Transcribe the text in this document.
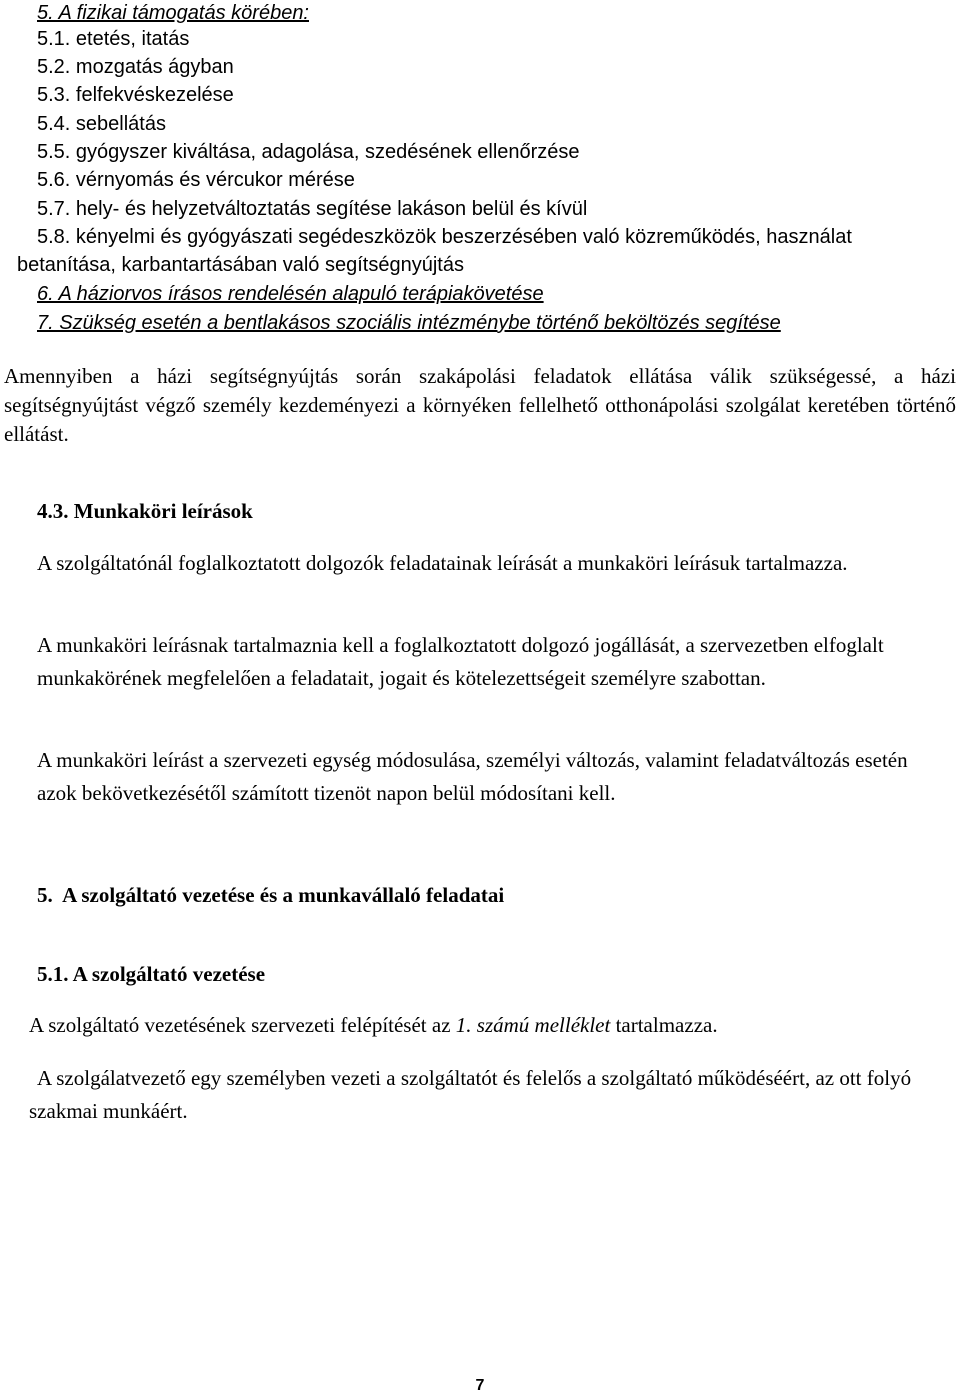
5. A fizikai támogatás körében:
5.1. etetés, itatás
5.2. mozgatás ágyban
5.3. felfekvéskezelése
5.4. sebellátás
5.5. gyógyszer kiváltása, adagolása, szedésének ellenőrzése
5.6. vérnyomás és vércukor mérése
5.7. hely- és helyzetváltoztatás segítése lakáson belül és kívül
5.8. kényelmi és gyógyászati segédeszközök beszerzésében való közreműködés, használat
betanítása, karbantartásában való segítségnyújtás
6. A háziorvos írásos rendelésén alapuló terápiakövetése
7. Szükség esetén a bentlakásos szociális intézménybe történő beköltözés segítése
Amennyiben a házi segítségnyújtás során szakápolási feladatok ellátása válik szükségessé, a házi segítségnyújtást végző személy kezdeményezi a környéken fellelhető otthonápolási szolgálat keretében történő ellátást.
4.3. Munkaköri leírások
A szolgáltatónál foglalkoztatott dolgozók feladatainak leírását a munkaköri leírásuk tartalmazza.
A munkaköri leírásnak tartalmaznia kell a foglalkoztatott dolgozó jogállását, a szervezetben elfoglalt munkakörének megfelelően a feladatait, jogait és kötelezettségeit személyre szabottan.
A munkaköri leírást a szervezeti egység módosulása, személyi változás, valamint feladatváltozás esetén azok bekövetkezésétől számított tizenöt napon belül módosítani kell.
5.  A szolgáltató vezetése és a munkavállaló feladatai
5.1. A szolgáltató vezetése
A szolgáltató vezetésének szervezeti felépítését az 1. számú melléklet tartalmazza.
A szolgálatvezető egy személyben vezeti a szolgáltatót és felelős a szolgáltató működéséért, az ott folyó szakmai munkáért.
7
